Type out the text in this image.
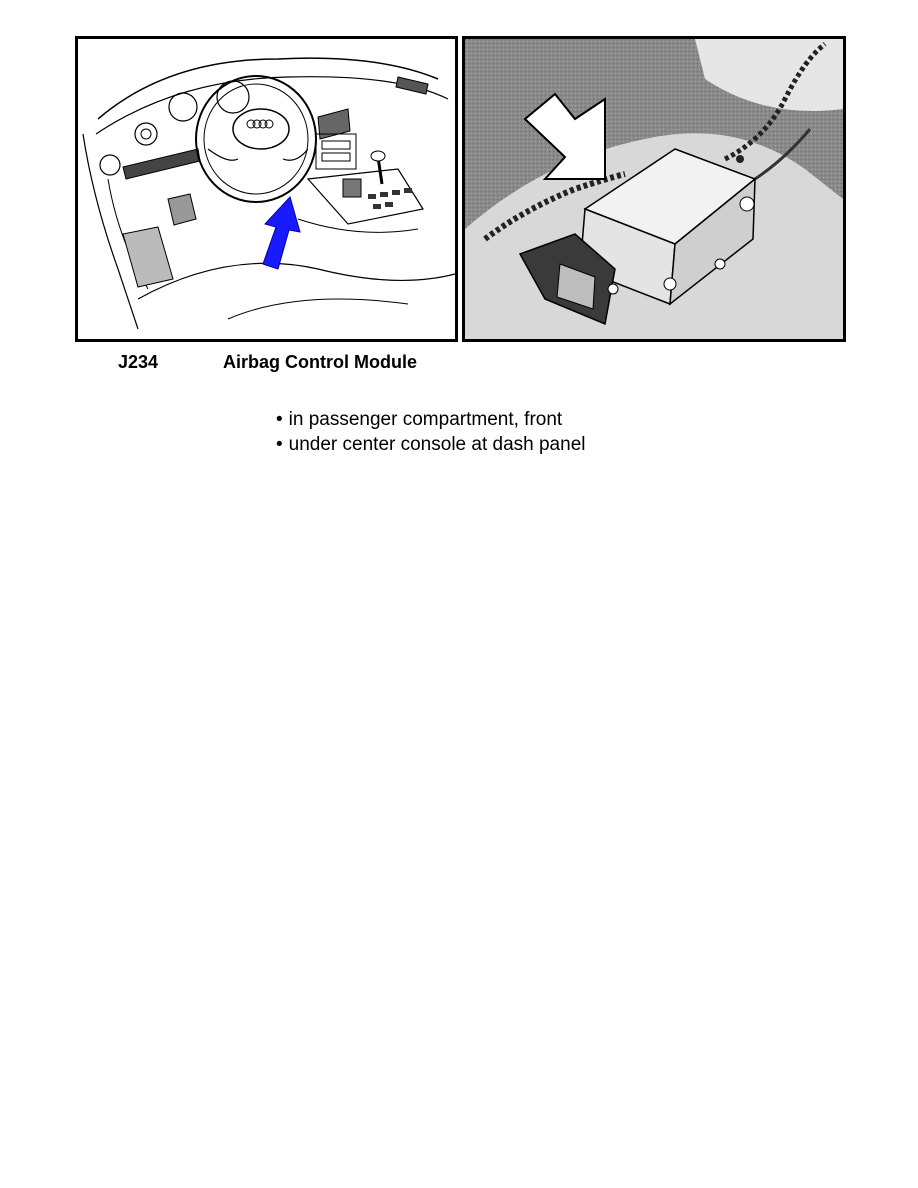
J234	Airbag Control Module
• in passenger compartment, front
• under center console at dash panel
